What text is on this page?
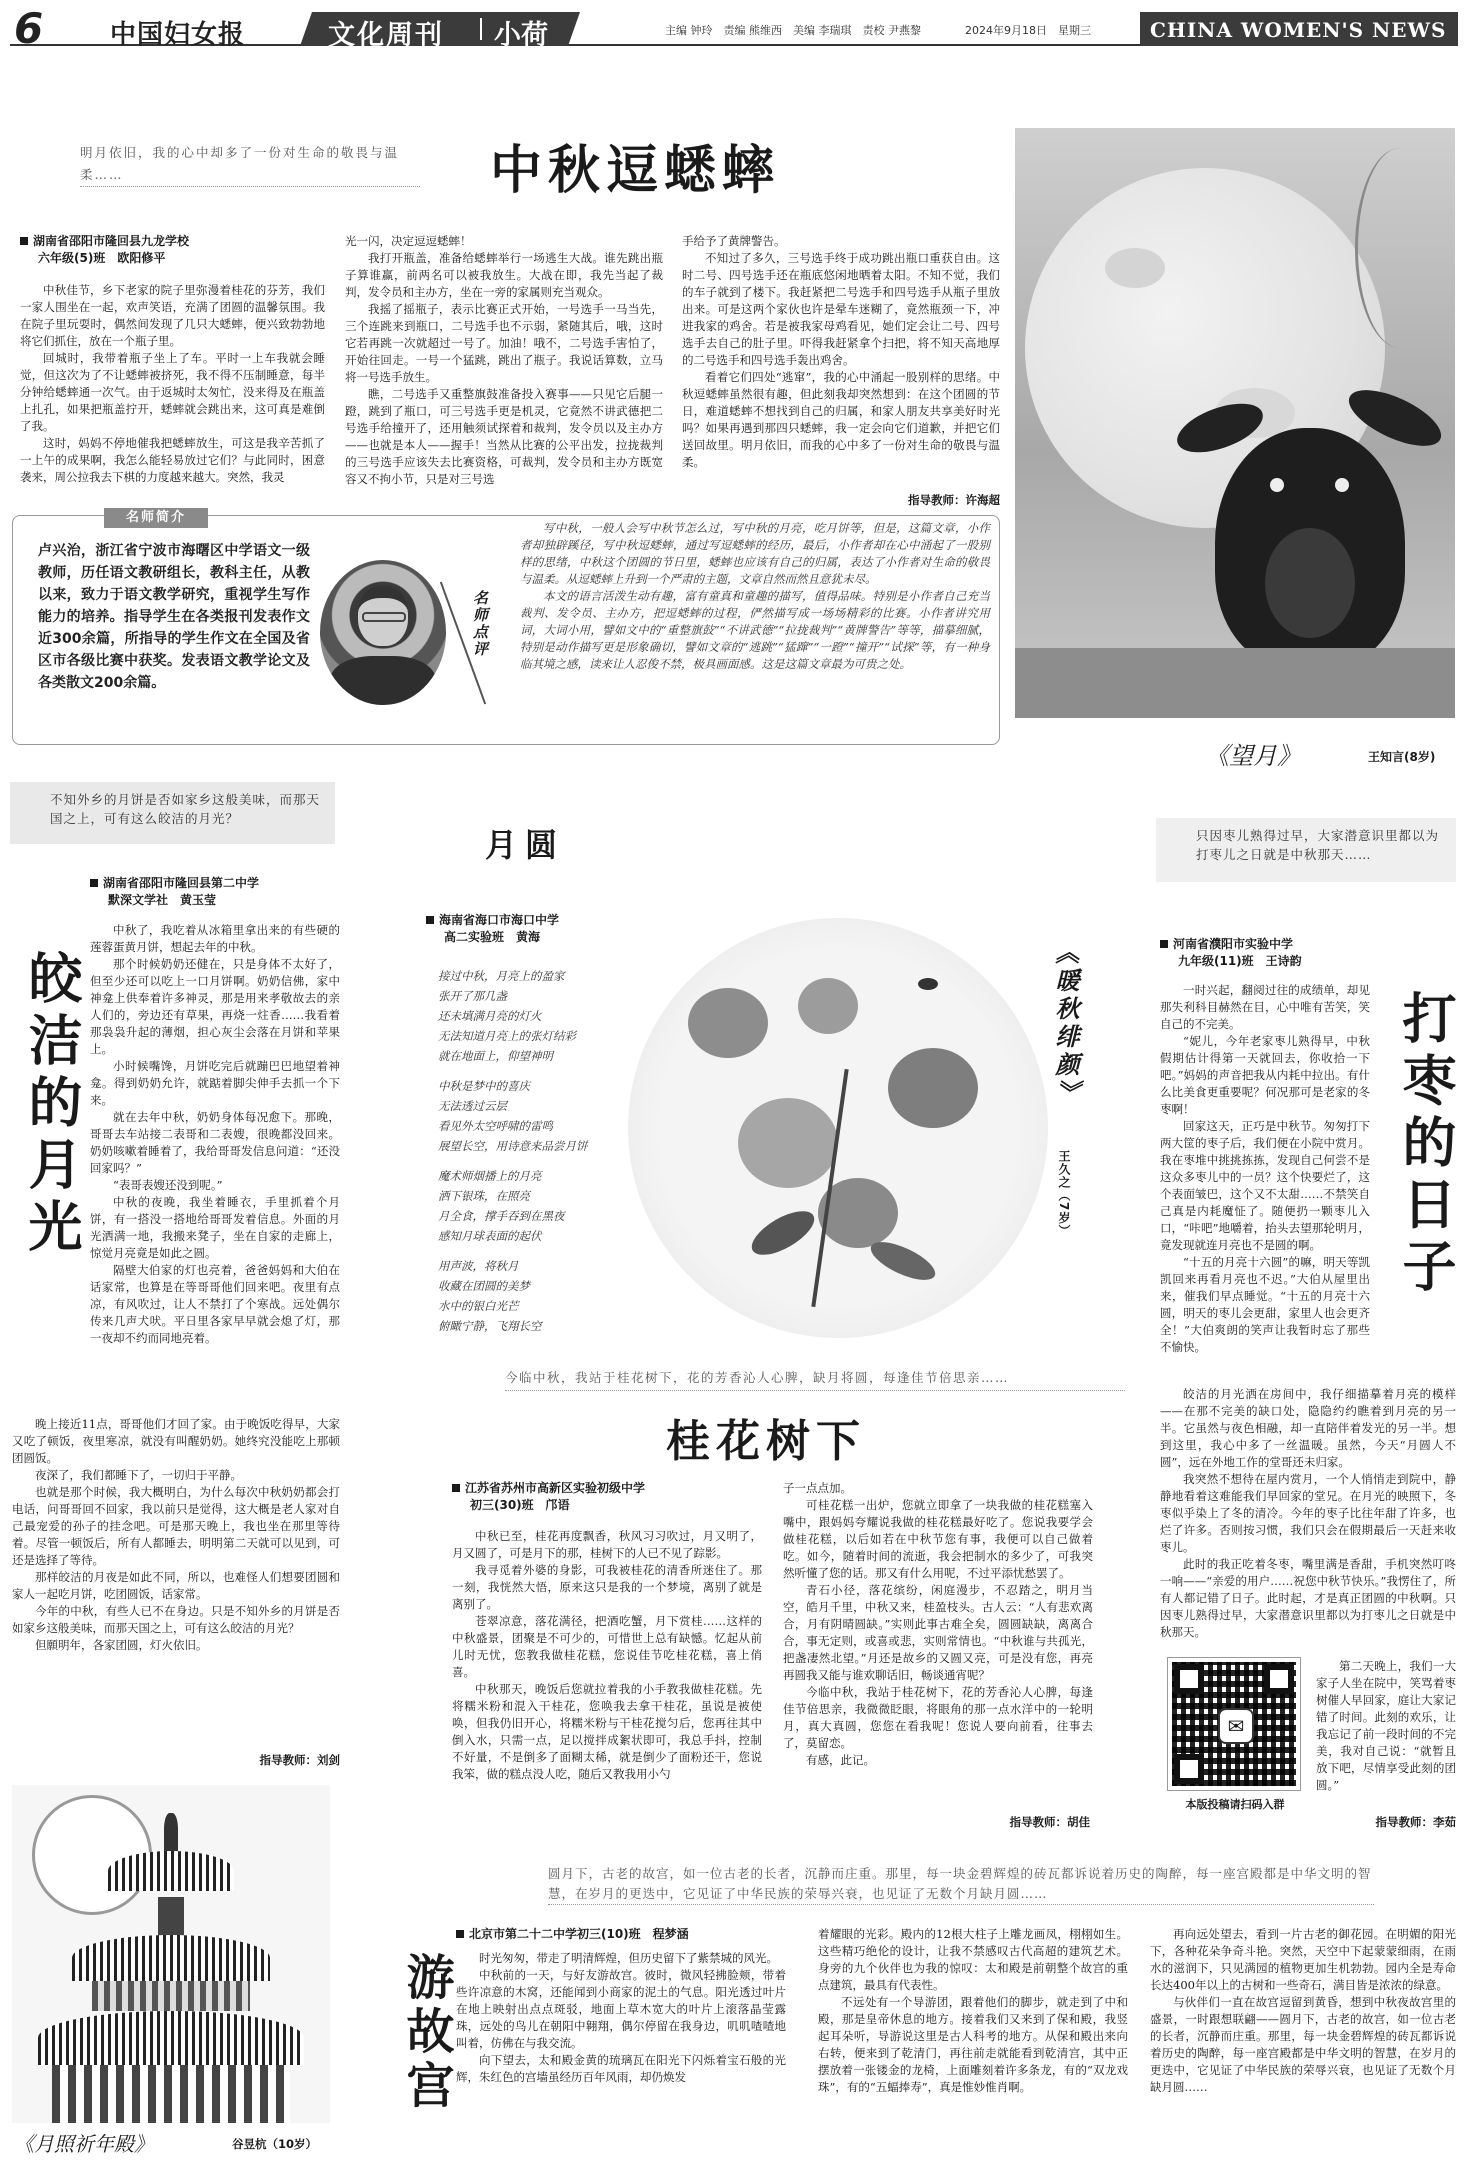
6	中国妇女报	文化周刊 小荷	主编 钟玲　责编 熊维西　美编 李瑞琪　责校 尹燕黎	2024年9月18日　星期三	CHINA WOMEN'S NEWS
明月依旧，我的心中却多了一份对生命的敬畏与温柔……	中秋逗蟋蟀
湖南省邵阳市隆回县九龙学校
六年级(5)班　欧阳修平

中秋佳节，乡下老家的院子里弥漫着桂花的芬芳，我们一家人围坐在一起，欢声笑语，充满了团圆的温馨氛围。我在院子里玩耍时，偶然间发现了几只大蟋蟀，便兴致勃勃地将它们抓住，放在一个瓶子里。

回城时，我带着瓶子坐上了车。平时一上车我就会睡觉，但这次为了不让蟋蟀被挤死，我不得不压制睡意，每半分钟给蟋蟀通一次气。由于返城时太匆忙，没来得及在瓶盖上扎孔，如果把瓶盖拧开，蟋蟀就会跳出来，这可真是难倒了我。

这时，妈妈不停地催我把蟋蟀放生，可这是我辛苦抓了一上午的成果啊，我怎么能轻易放过它们？与此同时，困意袭来，周公拉我去下棋的力度越来越大。突然，我灵

光一闪，决定逗逗蟋蟀！

我打开瓶盖，准备给蟋蟀举行一场逃生大战。谁先跳出瓶子算谁赢，前两名可以被我放生。大战在即，我先当起了裁判，发令员和主办方，坐在一旁的家属则充当观众。

我摇了摇瓶子，表示比赛正式开始，一号选手一马当先，三个连跳来到瓶口，二号选手也不示弱，紧随其后，哦，这时它若再跳一次就超过一号了。加油！哦不，二号选手害怕了，开始往回走。一号一个猛跳，跳出了瓶子。我说话算数，立马将一号选手放生。

瞧，二号选手又重整旗鼓准备投入赛事——只见它后腿一蹬，跳到了瓶口，可三号选手更是机灵，它竟然不讲武德把二号选手给撞开了，还用触须试探着和裁判，发令员以及主办方——也就是本人——握手！当然从比赛的公平出发，拉拢裁判的三号选手应该失去比赛资格，可裁判，发令员和主办方既宽容又不拘小节，只是对三号选

手给予了黄牌警告。

不知过了多久，三号选手终于成功跳出瓶口重获自由。这时二号、四号选手还在瓶底悠闲地晒着太阳。不知不觉，我们的车子就到了楼下。我赶紧把二号选手和四号选手从瓶子里放出来。可是这两个家伙也许是晕车迷糊了，竟然瓶颈一下，冲进我家的鸡舍。若是被我家母鸡看见，她们定会让二号、四号选手去自己的肚子里。吓得我赶紧拿个扫把，将不知天高地厚的二号选手和四号选手轰出鸡舍。

看着它们四处“逃窜”，我的心中涌起一股别样的思绪。中秋逗蟋蟀虽然很有趣，但此刻我却突然想到：在这个团圆的节日，难道蟋蟀不想找到自己的归属，和家人朋友共享美好时光吗？如果再遇到那四只蟋蟀，我一定会向它们道歉，并把它们送回故里。明月依旧，而我的心中多了一份对生命的敬畏与温柔。

指导教师：许海超
名师简介
卢兴治，浙江省宁波市海曙区中学语文一级教师，历任语文教研组长，教科主任，从教以来，致力于语文教学研究，重视学生写作能力的培养。指导学生在各类报刊发表作文近300余篇，所指导的学生作文在全国及省区市各级比赛中获奖。发表语文教学论文及各类散文200余篇。
名师点评

写中秋，一般人会写中秋节怎么过，写中秋的月亮，吃月饼等，但是，这篇文章，小作者却独辟蹊径，写中秋逗蟋蟀，通过写逗蟋蟀的经历，最后，小作者却在心中涌起了一股别样的思绪，中秋这个团圆的节日里，蟋蟀也应该有自己的归属，表达了小作者对生命的敬畏与温柔。从逗蟋蟀上升到一个严肃的主题，文章自然而然且意犹未尽。

本文的语言活泼生动有趣，富有童真和童趣的描写，值得品味。特别是小作者自己充当裁判、发令员、主办方，把逗蟋蟀的过程，俨然描写成一场场精彩的比赛。小作者讲究用词，大词小用，譬如文中的“重整旗鼓”“不讲武德”“拉拢裁判”“黄牌警告”等等，描摹细腻，特别是动作描写更是形象确切，譬如文章的“逃跳”“猛蹿”“一蹬”“撞开”“试探”等，有一种身临其境之感，读来让人忍俊不禁，极具画面感。这是这篇文章最为可贵之处。

《望月》	王知言(8岁)
不知外乡的月饼是否如家乡这般美味，而那天国之上，可有这么皎洁的月光？
湖南省邵阳市隆回县第二中学
默深文学社　黄玉莹
皎洁的月光

中秋了，我吃着从冰箱里拿出来的有些硬的莲蓉蛋黄月饼，想起去年的中秋。

那个时候奶奶还健在，只是身体不太好了，但至少还可以吃上一口月饼啊。奶奶信佛，家中神龛上供奉着许多神灵，那是用来孝敬故去的亲人们的，旁边还有草果，再烧一炷香……我看着那袅袅升起的薄烟，担心灰尘会落在月饼和苹果上。

小时候嘴馋，月饼吃完后就蹦巴巴地望着神龛。得到奶奶允许，就踮着脚尖伸手去抓一个下来。

就在去年中秋，奶奶身体每况愈下。那晚，哥哥去车站接二表哥和二表嫂，很晚都没回来。奶奶咳嗽着睡着了，我给哥哥发信息问道：“还没回家吗？”

“表哥表嫂还没到呢。”

中秋的夜晚，我坐着睡衣，手里抓着个月饼，有一搭没一搭地给哥哥发着信息。外面的月光洒满一地，我搬来凳子，坐在自家的走廊上，惊觉月亮竟是如此之圆。

隔壁大伯家的灯也亮着，爸爸妈妈和大伯在话家常，也算是在等哥哥他们回来吧。夜里有点凉，有风吹过，让人不禁打了个寒战。远处偶尔传来几声犬吠。平日里各家早早就会熄了灯，那一夜却不约而同地亮着。

晚上接近11点，哥哥他们才回了家。由于晚饭吃得早，大家又吃了顿饭，夜里寒凉，就没有叫醒奶奶。她终究没能吃上那顿团圆饭。

夜深了，我们都睡下了，一切归于平静。

也就是那个时候，我大概明白，为什么每次中秋奶奶都会打电话，问哥哥回不回家，我以前只是觉得，这大概是老人家对自己最宠爱的孙子的挂念吧。可是那天晚上，我也坐在那里等待着。尽管一顿饭后，所有人都睡去，明明第二天就可以见到，可还是选择了等待。

那样皎洁的月夜是如此不同，所以，也难怪人们想要团圆和家人一起吃月饼，吃团圆饭，话家常。

今年的中秋，有些人已不在身边。只是不知外乡的月饼是否如家乡这般美味，而那天国之上，可有这么皎洁的月光？

但願明年，各家团圆，灯火依旧。

指导教师：刘剑
月圆
海南省海口市海口中学
高二实验班　黄海
接过中秋，月亮上的盈家
张开了那几盏
还未填满月亮的灯火
无法知道月亮上的张灯结彩
就在地面上，仰望神明
中秋是梦中的喜庆
无法透过云层
看见外太空呼啸的雷鸣
展望长空，用诗意来品尝月饼
魔术师烟播上的月亮
洒下银珠，在照亮
月全食，撑手吞到在黑夜
感知月球表面的起伏
用声波，将秋月
收藏在团圆的美梦
水中的银白光芒
俯瞰宁静，飞翔长空
《暖秋绯颜》
王久之（7岁）
只因枣儿熟得过早，大家潜意识里都以为打枣儿之日就是中秋那天……
河南省濮阳市实验中学
九年级(11)班　王诗韵

一时兴起，翻阅过往的成绩单，却见那失利科目赫然在目，心中唯有苦笑，笑自己的不完美。

“妮儿，今年老家枣儿熟得早，中秋假期估计得第一天就回去，你收拾一下吧。”妈妈的声音把我从内耗中拉出。有什么比美食更重要呢？何况那可是老家的冬枣啊！

回家这天，正巧是中秋节。匆匆打下两大筐的枣子后，我们便在小院中赏月。我在枣堆中挑挑拣拣，发现自己何尝不是这众多枣儿中的一员？这个快要烂了，这个表面皱巴，这个又不太甜……不禁笑自己真是内耗魔怔了。随便扔一颗枣儿入口，“咔吧”地嚼着，抬头去望那轮明月，竟发现就连月亮也不是圆的啊。

“十五的月亮十六圆”的嘛，明天等凯凯回来再看月亮也不迟。”大伯从屋里出来，催我们早点睡觉。“十五的月亮十六圆，明天的枣儿会更甜，家里人也会更齐全！”大伯爽朗的笑声让我暂时忘了那些不愉快。

打枣的日子

皎洁的月光洒在房间中，我仔细描摹着月亮的模样——在那不完美的缺口处，隐隐约约瞧着到月亮的另一半。它虽然与夜色相融，却一直陪伴着发光的另一半。想到这里，我心中多了一丝温暖。虽然，今天“月圆人不圆”，远在外地工作的堂哥还未归家。

我突然不想待在屋内赏月，一个人悄悄走到院中，静静地看着这难能我们早回家的堂兄。在月光的映照下，冬枣似乎染上了冬的清冷。今年的枣子比往年甜了许多，也烂了许多。否则按习惯，我们只会在假期最后一天赶来收枣儿。

此时的我正吃着冬枣，嘴里满是香甜，手机突然叮咚一响——“亲爱的用户……祝您中秋节快乐。”我愣住了，所有人都记错了日子。此时起，才是真正团圆的中秋啊。只因枣儿熟得过早，大家潜意识里都以为打枣儿之日就是中秋那天。

✉
本版投稿请扫码入群

第二天晚上，我们一大家子人坐在院中，笑骂着枣树催人早回家，庭让大家记错了时间。此刻的欢乐，让我忘记了前一段时间的不完美，我对自己说：“就暂且放下吧，尽情享受此刻的团圆。”

指导教师：李茹
今临中秋，我站于桂花树下，花的芳香沁人心脾，缺月将圆，每逢佳节倍思亲……
桂花树下
江苏省苏州市高新区实验初级中学
初三(30)班　邝语

中秋已至，桂花再度飘香，秋风习习吹过，月又明了，月又圆了，可是月下的那，桂树下的人已不见了踪影。

我寻觅着外婆的身影，可我被桂花的清香所迷住了。那一刻，我恍然大悟，原来这只是我的一个梦境，离别了就是离别了。

苍翠凉意，落花满径，把酒吃蟹，月下赏桂……这样的中秋盛景，团聚是不可少的，可惜世上总有缺憾。忆起从前儿时无忧，您教我做桂花糕，您说佳节吃桂花糕，喜上俏喜。

中秋那天，晚饭后您就拉着我的小手教我做桂花糕。先将糯米粉和混入干桂花，您唤我去拿干桂花，虽说是被使唤，但我仍旧开心，将糯米粉与干桂花搅匀后，您再往其中倒入水，只需一点，足以搅拌成絮状即可，我总手抖，控制不好量，不是倒多了面糊太稀，就是倒少了面粉还干，您说我笨，做的糕点没人吃，随后又教我用小勺

子一点点加。

可桂花糕一出炉，您就立即拿了一块我做的桂花糕塞入嘴中，跟妈妈夸耀说我做的桂花糕最好吃了。您说我要学会做桂花糕，以后如若在中秋节您有事，我便可以自己做着吃。如今，随着时间的流逝，我会把制水的多少了，可我突然听懂了您的话。那又有什么用呢，不过平添忧愁罢了。

青石小径，落花缤纷，闲庭漫步，不忍踏之，明月当空，皓月千里，中秋又来，桂盈枝头。古人云：“人有悲欢离合，月有阴晴圆缺。”实则此事古难全矣，圆圆缺缺，离离合合，事无定则，或喜或悲，实则常情也。“中秋谁与共孤光，把盏凄然北望。”月还是故乡的又圆又亮，可是没有您，再亮再圆我又能与谁欢聊话旧，畅谈通宵呢？

今临中秋，我站于桂花树下，花的芳香沁人心脾，每逢佳节倍思亲，我微微眨眼，将眼角的那一点水洋中的一轮明月，真大真圆，您您在看我呢！您说人要向前看，往事去了，莫留恋。

有感，此记。

指导教师：胡佳
《月照祈年殿》	谷昱杭（10岁）
圆月下，古老的故宫，如一位古老的长者，沉静而庄重。那里，每一块金碧辉煌的砖瓦都诉说着历史的陶醉，每一座宫殿都是中华文明的智慧，在岁月的更迭中，它见证了中华民族的荣辱兴衰，也见证了无数个月缺月圆……
游故宫
北京市第二十二中学初三(10)班　程梦涵

时光匆匆，带走了明清辉煌，但历史留下了紫禁城的风光。

中秋前的一天，与好友游故宫。彼时，微风轻拂脸颊，带着些许凉意的木窝，还能闻到小商家的泥土的气息。阳光透过叶片在地上映射出点点斑驳，地面上草木宽大的叶片上滚落晶莹露珠，远处的鸟儿在朝阳中翱翔，偶尔停留在我身边，叽叽喳喳地叫着，仿佛在与我交流。

向下望去，太和殿金黄的琉璃瓦在阳光下闪烁着宝石般的光辉，朱红色的宫墙虽经历百年风雨，却仍焕发

着耀眼的光彩。殿内的12根大柱子上雕龙画凤，栩栩如生。这些精巧绝伦的设计，让我不禁感叹古代高超的建筑艺术。身旁的九个伙伴也为我的惊叹：太和殿是前朝整个故宫的重点建筑，最具有代表性。

不远处有一个导游团，跟着他们的脚步，就走到了中和殿，那是皇帝休息的地方。接着我们又来到了保和殿，我竖起耳朵听，导游说这里是古人科考的地方。从保和殿出来向右转，便来到了乾清门，再往前走就能看到乾清宫，其中正摆放着一张镂金的龙椅，上面雕刻着许多条龙，有的“双龙戏珠”，有的“五蝠捧寿”，真是惟妙惟肖啊。

再向远处望去，看到一片古老的御花园。在明媚的阳光下，各种花朵争奇斗艳。突然，天空中下起蒙蒙细雨，在雨水的滋润下，只见满园的植物更加生机勃勃。园内全是寿命长达400年以上的古树和一些奇石，满目皆是浓浓的绿意。

与伙伴们一直在故宫逗留到黄昏，想到中秋夜故宫里的盛景，一时跟想联翩——圆月下，古老的故宫，如一位古老的长者，沉静而庄重。那里，每一块金碧辉煌的砖瓦都诉说着历史的陶醉，每一座宫殿都是中华文明的智慧，在岁月的更迭中，它见证了中华民族的荣辱兴衰，也见证了无数个月缺月圆……
